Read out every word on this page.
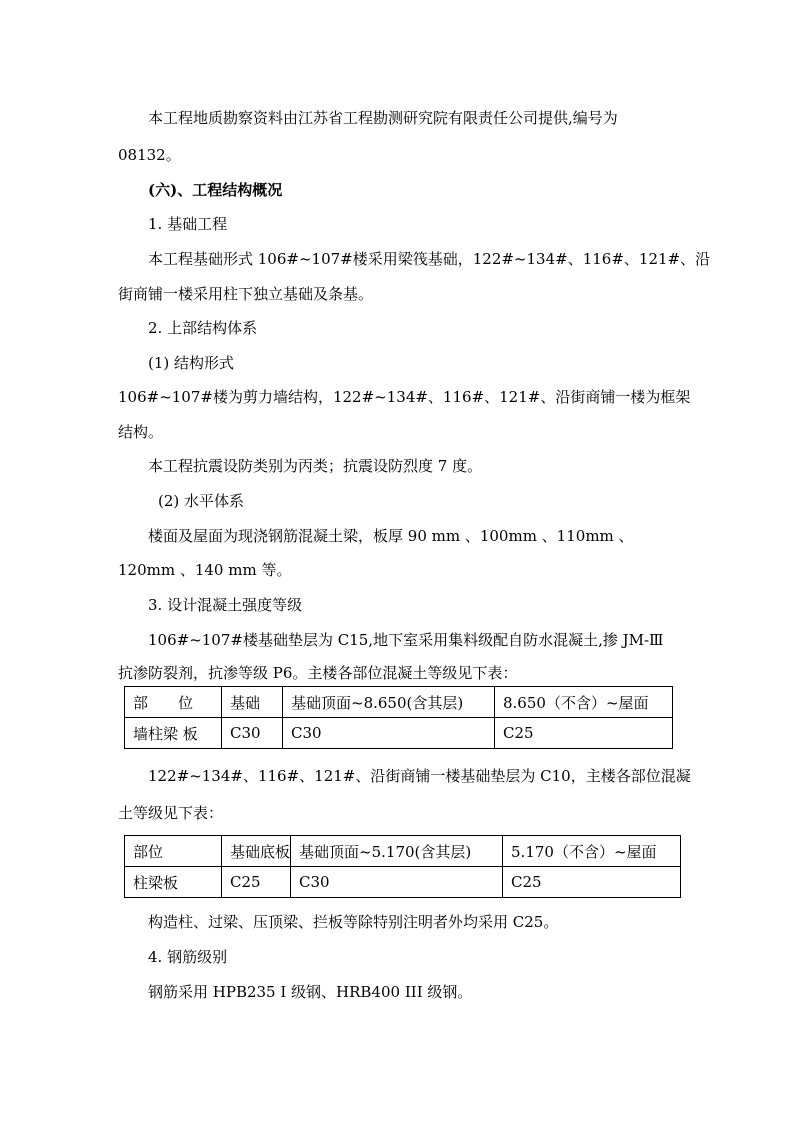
本工程地质勘察资料由江苏省工程勘测研究院有限责任公司提供,编号为
08132。
(六)、工程结构概况
1. 基础工程
本工程基础形式 106#~107#楼采用梁筏基础，122#~134#、116#、121#、沿
街商铺一楼采用柱下独立基础及条基。
2. 上部结构体系
(1) 结构形式
106#~107#楼为剪力墙结构，122#~134#、116#、121#、沿街商铺一楼为框架
结构。
本工程抗震设防类别为丙类；抗震设防烈度 7 度。
(2) 水平体系
楼面及屋面为现浇钢筋混凝土梁，板厚 90 mm 、100mm 、110mm 、
120mm 、140 mm 等。
3. 设计混凝土强度等级
106#~107#楼基础垫层为 C15,地下室采用集料级配自防水混凝土,掺 JM-Ⅲ
抗渗防裂剂，抗渗等级 P6。主楼各部位混凝土等级见下表：
部　　位	基础	基础顶面~8.650(含其层)	8.650（不含）~屋面
墙柱梁 板	C30	C30	C25
122#~134#、116#、121#、沿街商铺一楼基础垫层为 C10，主楼各部位混凝
土等级见下表：
部位	基础底板	基础顶面~5.170(含其层)	5.170（不含）~屋面
柱梁板	C25	C30	C25
构造柱、过梁、压顶梁、拦板等除特别注明者外均采用 C25。
4. 钢筋级别
钢筋采用 HPB235 I 级钢、HRB400 III 级钢。
